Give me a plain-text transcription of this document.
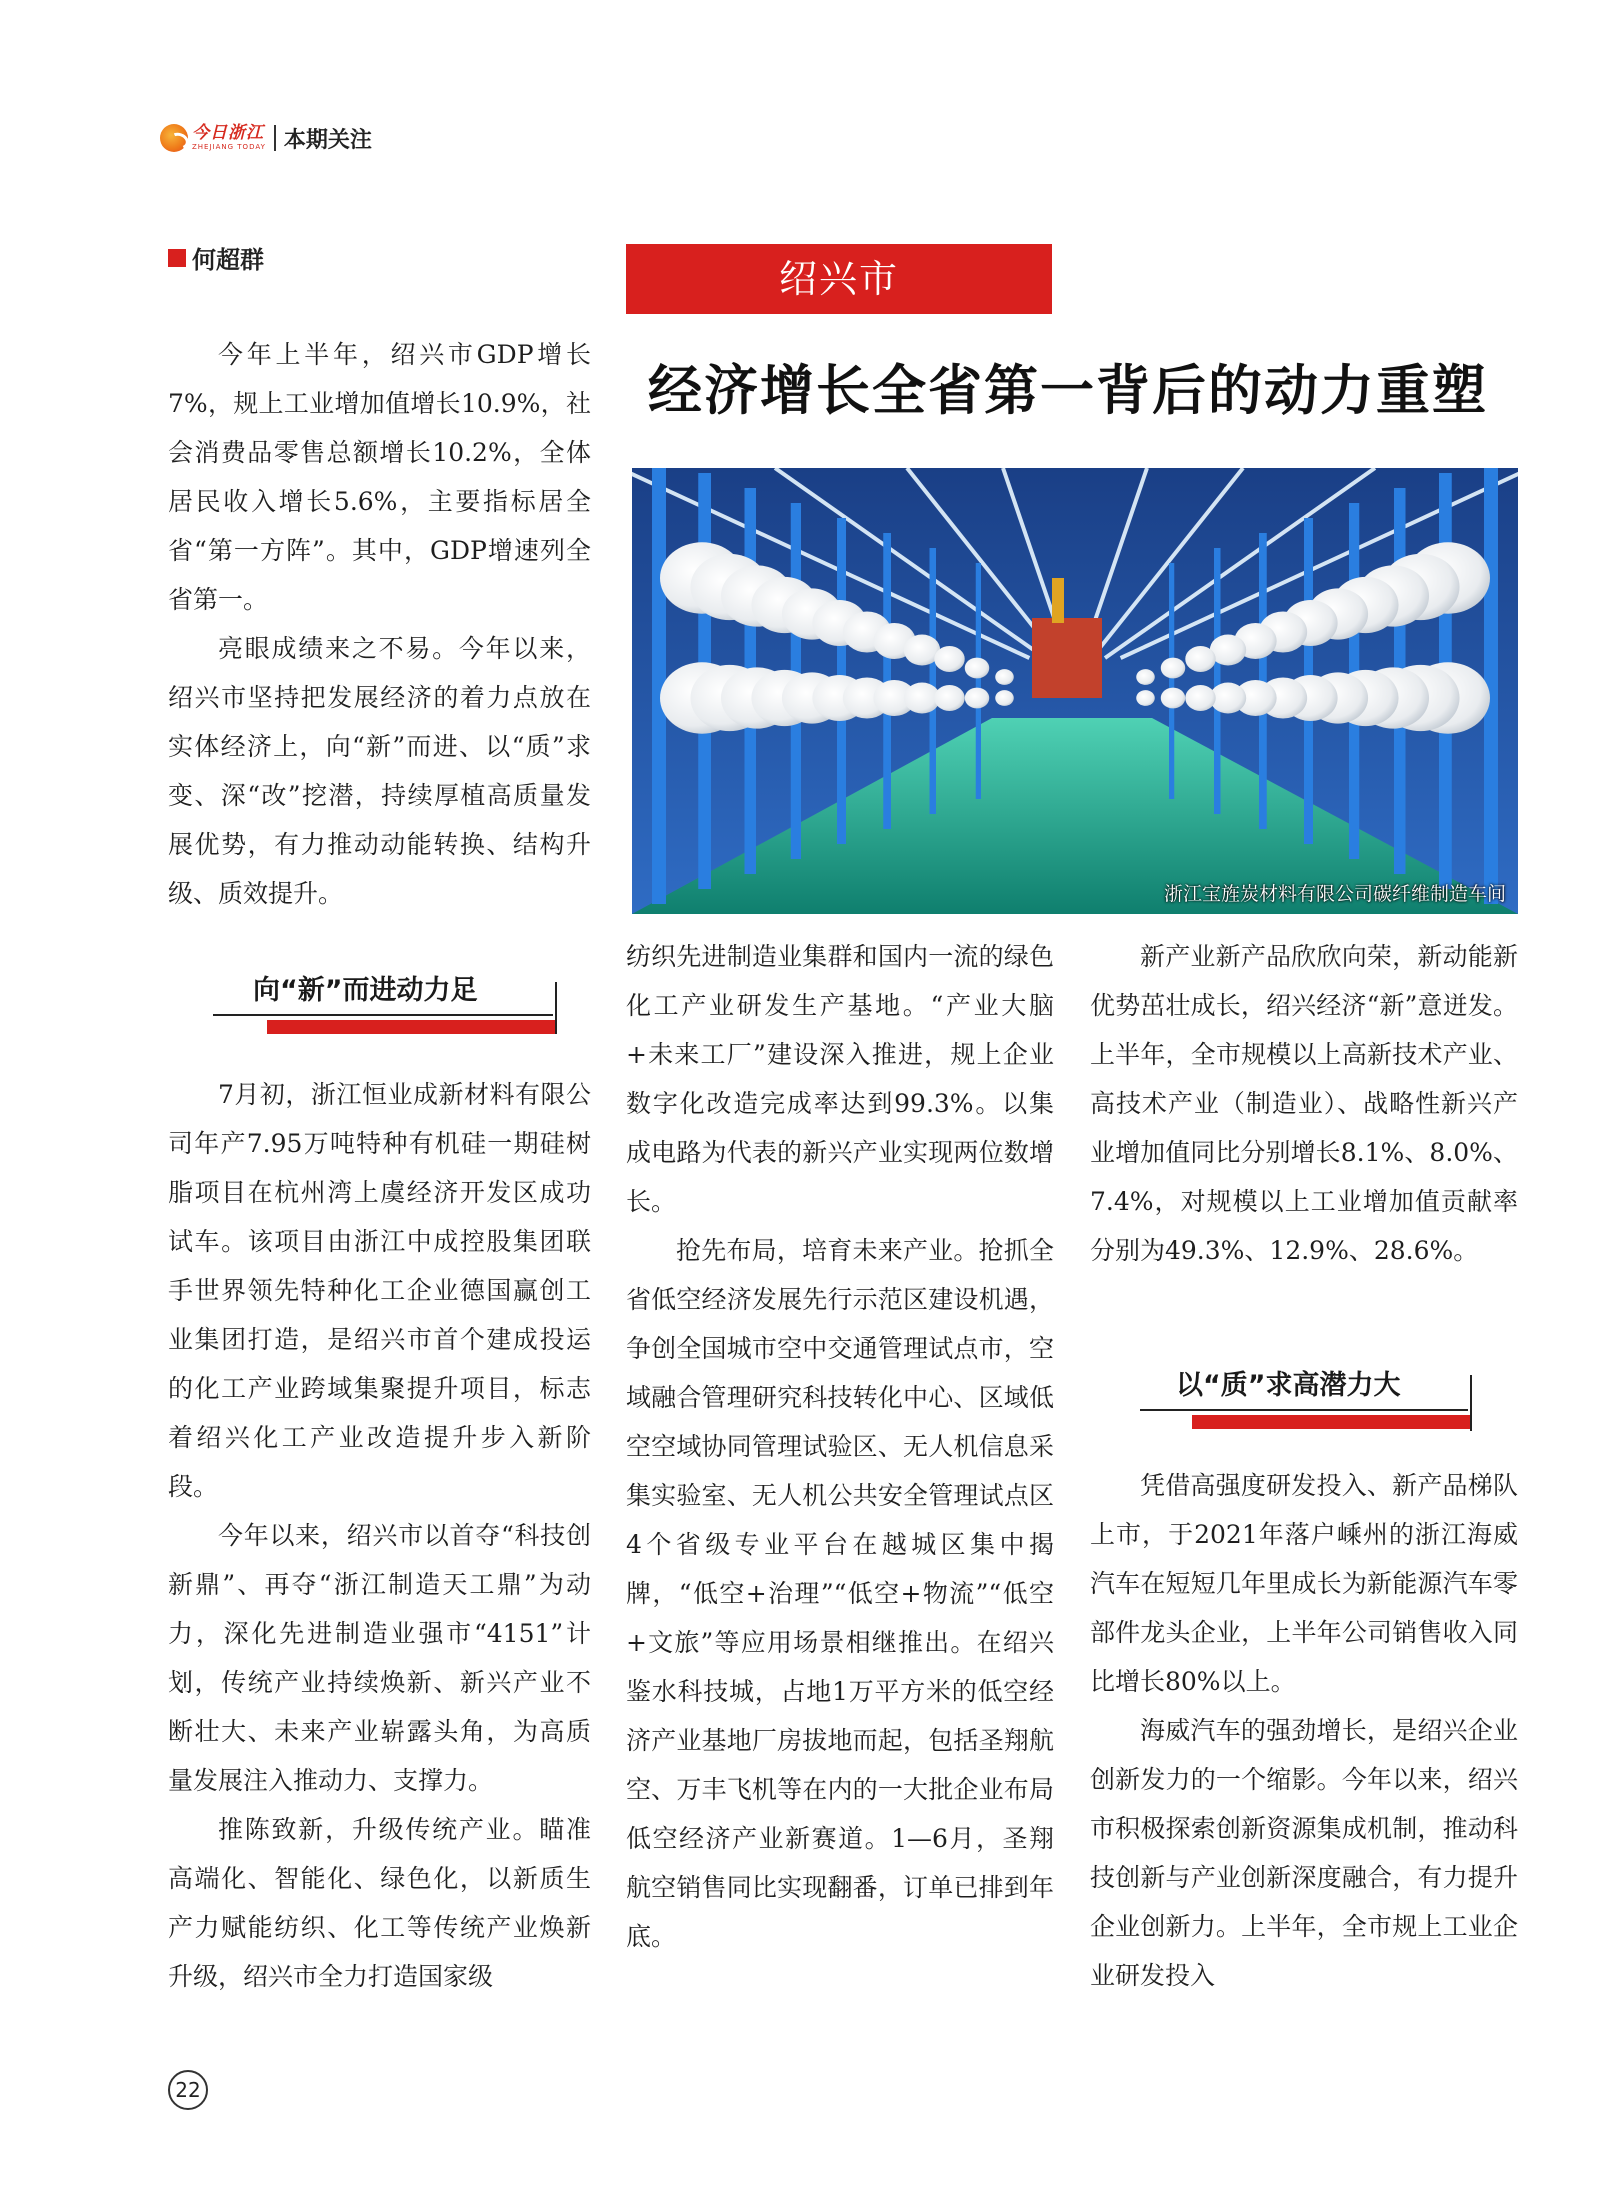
今日浙江
ZHEJIANG TODAY 本期关注
何超群	绍兴市
经济增长全省第一背后的动力重塑
浙江宝旌炭材料有限公司碳纤维制造车间

今年上半年，绍兴市GDP增长7%，规上工业增加值增长10.9%，社会消费品零售总额增长10.2%，全体居民收入增长5.6%，主要指标居全省“第一方阵”。其中，GDP增速列全省第一。

亮眼成绩来之不易。今年以来，绍兴市坚持把发展经济的着力点放在实体经济上，向“新”而进、以“质”求变、深“改”挖潜，持续厚植高质量发展优势，有力推动动能转换、结构升级、质效提升。

向“新”而进动力足

7月初，浙江恒业成新材料有限公司年产7.95万吨特种有机硅一期硅树脂项目在杭州湾上虞经济开发区成功试车。该项目由浙江中成控股集团联手世界领先特种化工企业德国赢创工业集团打造，是绍兴市首个建成投运的化工产业跨域集聚提升项目，标志着绍兴化工产业改造提升步入新阶段。

今年以来，绍兴市以首夺“科技创新鼎”、再夺“浙江制造天工鼎”为动力，深化先进制造业强市“4151”计划，传统产业持续焕新、新兴产业不断壮大、未来产业崭露头角，为高质量发展注入推动力、支撑力。

推陈致新，升级传统产业。瞄准高端化、智能化、绿色化，以新质生产力赋能纺织、化工等传统产业焕新升级，绍兴市全力打造国家级

纺织先进制造业集群和国内一流的绿色化工产业研发生产基地。“产业大脑+未来工厂”建设深入推进，规上企业数字化改造完成率达到99.3%。以集成电路为代表的新兴产业实现两位数增长。

抢先布局，培育未来产业。抢抓全省低空经济发展先行示范区建设机遇，争创全国城市空中交通管理试点市，空域融合管理研究科技转化中心、区域低空空域协同管理试验区、无人机信息采集实验室、无人机公共安全管理试点区4个省级专业平台在越城区集中揭牌，“低空+治理”“低空+物流”“低空+文旅”等应用场景相继推出。在绍兴鉴水科技城，占地1万平方米的低空经济产业基地厂房拔地而起，包括圣翔航空、万丰飞机等在内的一大批企业布局低空经济产业新赛道。1—6月，圣翔航空销售同比实现翻番，订单已排到年底。

新产业新产品欣欣向荣，新动能新优势茁壮成长，绍兴经济“新”意迸发。上半年，全市规模以上高新技术产业、高技术产业（制造业）、战略性新兴产业增加值同比分别增长8.1%、8.0%、7.4%，对规模以上工业增加值贡献率分别为49.3%、12.9%、28.6%。

以“质”求高潜力大

凭借高强度研发投入、新产品梯队上市，于2021年落户嵊州的浙江海威汽车在短短几年里成长为新能源汽车零部件龙头企业，上半年公司销售收入同比增长80%以上。

海威汽车的强劲增长，是绍兴企业创新发力的一个缩影。今年以来，绍兴市积极探索创新资源集成机制，推动科技创新与产业创新深度融合，有力提升企业创新力。上半年，全市规上工业企业研发投入

22
